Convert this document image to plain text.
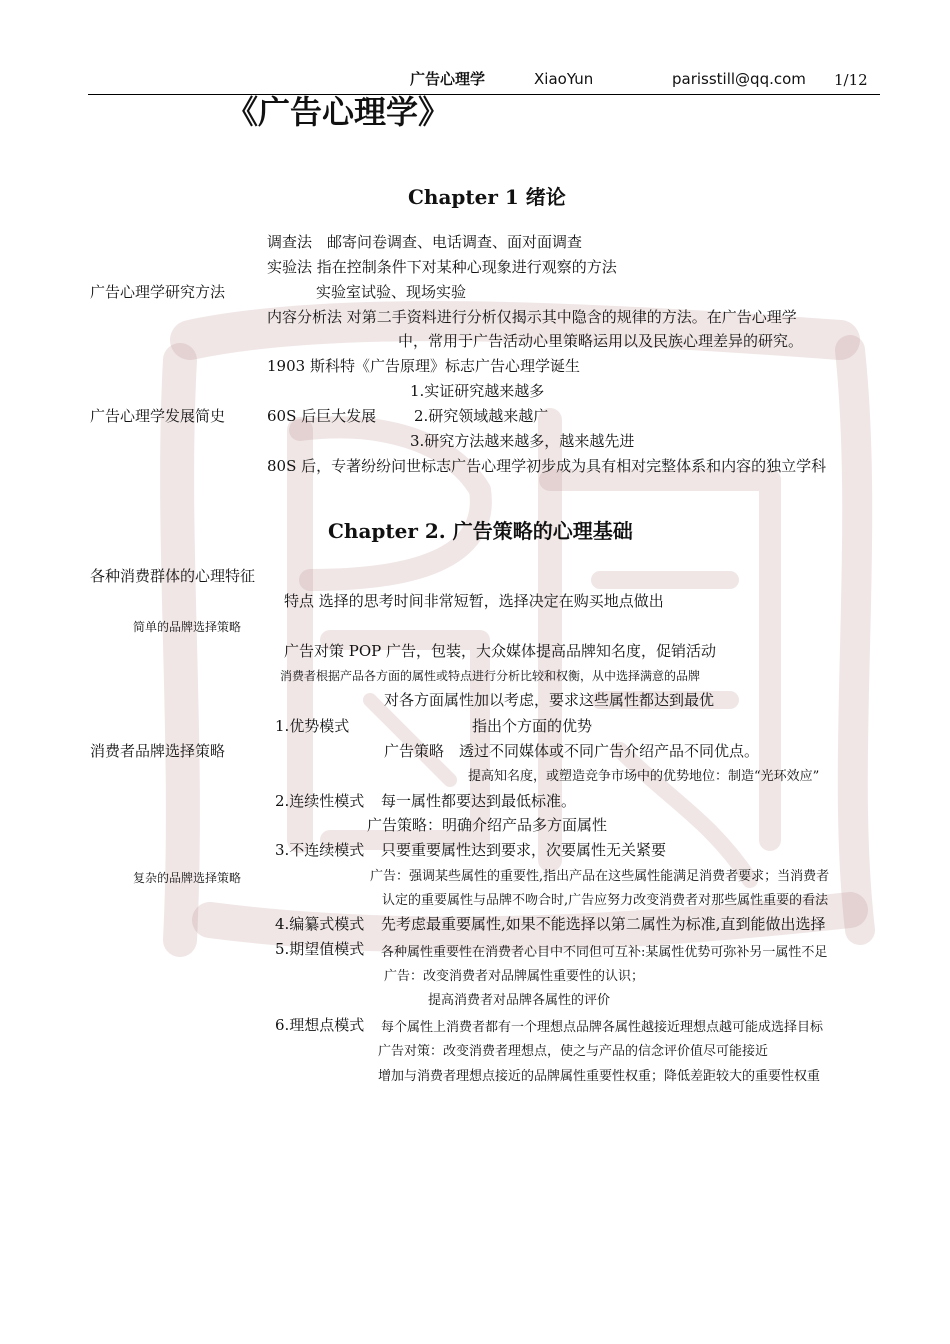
广告心理学	XiaoYun	parisstill@qq.com 1/12
《广告心理学》
Chapter 1 绪论
调查法　邮寄问卷调查、电话调查、面对面调查
实验法 指在控制条件下对某种心现象进行观察的方法
广告心理学研究方法	实验室试验、现场实验
内容分析法 对第二手资料进行分析仅揭示其中隐含的规律的方法。在广告心理学
中，常用于广告活动心里策略运用以及民族心理差异的研究。
1903 斯科特《广告原理》标志广告心理学诞生
1.实证研究越来越多
广告心理学发展简史	60S 后巨大发展	2.研究领域越来越广
3.研究方法越来越多，越来越先进
80S 后，专著纷纷问世标志广告心理学初步成为具有相对完整体系和内容的独立学科
Chapter 2. 广告策略的心理基础
各种消费群体的心理特征
特点 选择的思考时间非常短暂，选择决定在购买地点做出
简单的品牌选择策略
广告对策 POP 广告，包装，大众媒体提高品牌知名度，促销活动
消费者根据产品各方面的属性或特点进行分析比较和权衡，从中选择满意的品牌
对各方面属性加以考虑，要求这些属性都达到最优
1.优势模式	指出个方面的优势
消费者品牌选择策略	广告策略　透过不同媒体或不同广告介绍产品不同优点。
提高知名度，或塑造竞争市场中的优势地位：制造“光环效应”
2.连续性模式 每一属性都要达到最低标准。
广告策略：明确介绍产品多方面属性
3.不连续模式 只要重要属性达到要求，次要属性无关紧要
广告：强调某些属性的重要性,指出产品在这些属性能满足消费者要求；当消费者
复杂的品牌选择策略
认定的重要属性与品牌不吻合时,广告应努力改变消费者对那些属性重要的看法
4.编纂式模式 先考虑最重要属性,如果不能选择以第二属性为标准,直到能做出选择
5.期望值模式 各种属性重要性在消费者心目中不同但可互补:某属性优势可弥补另一属性不足
广告：改变消费者对品牌属性重要性的认识；
提高消费者对品牌各属性的评价
6.理想点模式 每个属性上消费者都有一个理想点品牌各属性越接近理想点越可能成选择目标
广告对策：改变消费者理想点，使之与产品的信念评价值尽可能接近
增加与消费者理想点接近的品牌属性重要性权重；降低差距较大的重要性权重
